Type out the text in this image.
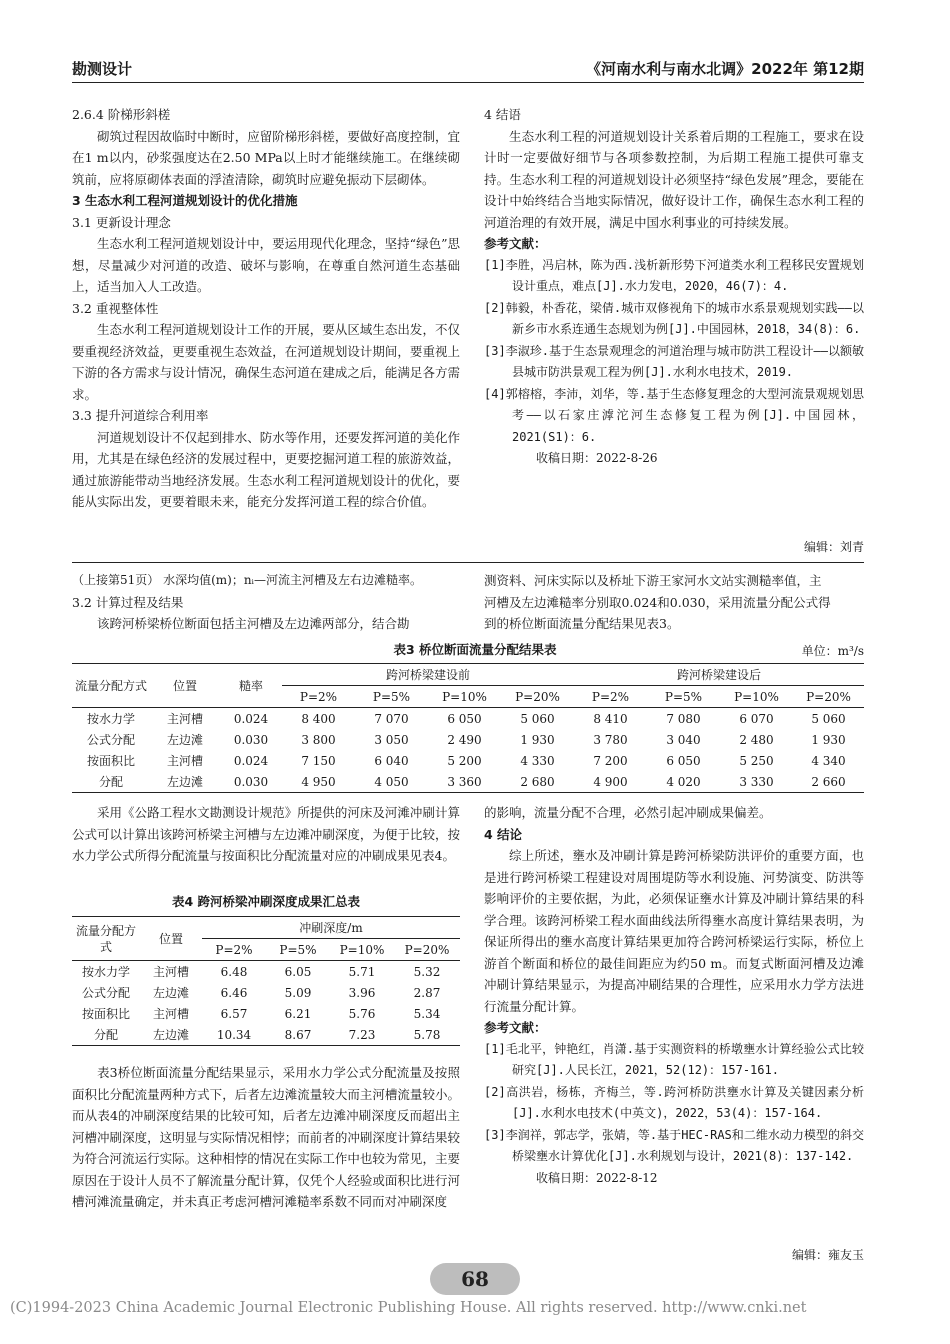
勘测设计	《河南水利与南水北调》2022年 第12期

2.6.4 阶梯形斜槎

砌筑过程因故临时中断时，应留阶梯形斜槎，要做好高度控制，宜在1 m以内，砂浆强度达在2.50 MPa以上时才能继续施工。在继续砌筑前，应将原砌体表面的浮渣清除，砌筑时应避免振动下层砌体。

3 生态水利工程河道规划设计的优化措施

3.1 更新设计理念

生态水利工程河道规划设计中，要运用现代化理念，坚持“绿色”思想，尽量减少对河道的改造、破坏与影响，在尊重自然河道生态基础上，适当加入人工改造。

3.2 重视整体性

生态水利工程河道规划设计工作的开展，要从区域生态出发，不仅要重视经济效益，更要重视生态效益，在河道规划设计期间，要重视上下游的各方需求与设计情况，确保生态河道在建成之后，能满足各方需求。

3.3 提升河道综合利用率

河道规划设计不仅起到排水、防水等作用，还要发挥河道的美化作用，尤其是在绿色经济的发展过程中，更要挖掘河道工程的旅游效益，通过旅游能带动当地经济发展。生态水利工程河道规划设计的优化，要能从实际出发，更要着眼未来，能充分发挥河道工程的综合价值。

4 结语

生态水利工程的河道规划设计关系着后期的工程施工，要求在设计时一定要做好细节与各项参数控制，为后期工程施工提供可靠支持。生态水利工程的河道规划设计必须坚持“绿色发展”理念，要能在设计中始终结合当地实际情况，做好设计工作，确保生态水利工程的河道治理的有效开展，满足中国水利事业的可持续发展。

参考文献：

[1]李胜，冯启林，陈为西.浅析新形势下河道类水利工程移民安置规划设计重点，难点[J].水力发电，2020，46(7)：4.

[2]韩毅，朴香花，梁倩.城市双修视角下的城市水系景观规划实践——以新乡市水系连通生态规划为例[J].中国园林，2018，34(8)：6.

[3]李淑珍.基于生态景观理念的河道治理与城市防洪工程设计——以额敏县城市防洪景观工程为例[J].水利水电技术，2019.

[4]郭榕榕，李沛，刘华，等.基于生态修复理念的大型河流景观规划思考——以石家庄滹沱河生态修复工程为例[J].中国园林，2021(S1)：6.

收稿日期：2022-8-26

编辑：刘青

（上接第51页） 水深均值(m)；nᵢ—河流主河槽及左右边滩糙率。

3.2 计算过程及结果

该跨河桥梁桥位断面包括主河槽及左边滩两部分，结合勘

测资料、河床实际以及桥址下游王家河水文站实测糙率值，主

河槽及左边滩糙率分别取0.024和0.030，采用流量分配公式得

到的桥位断面流量分配结果见表3。

表3 桥位断面流量分配结果表	单位：m³/s
流量分配方式	位置	糙率	跨河桥梁建设前				跨河桥梁建设后			
			P=2%	P=5%	P=10%	P=20%	P=2%	P=5%	P=10%	P=20%
按水力学	主河槽	0.024	8 400	7 070	6 050	5 060	8 410	7 080	6 070	5 060
公式分配	左边滩	0.030	3 800	3 050	2 490	1 930	3 780	3 040	2 480	1 930
按面积比	主河槽	0.024	7 150	6 040	5 200	4 330	7 200	6 050	5 250	4 340
分配	左边滩	0.030	4 950	4 050	3 360	2 680	4 900	4 020	3 330	2 660

采用《公路工程水文勘测设计规范》所提供的河床及河滩冲刷计算公式可以计算出该跨河桥梁主河槽与左边滩冲刷深度，为便于比较，按水力学公式所得分配流量与按面积比分配流量对应的冲刷成果见表4。

表4 跨河桥梁冲刷深度成果汇总表
流量分配方式	位置	冲刷深度/m			
		P=2%	P=5%	P=10%	P=20%
按水力学	主河槽	6.48	6.05	5.71	5.32
公式分配	左边滩	6.46	5.09	3.96	2.87
按面积比	主河槽	6.57	6.21	5.76	5.34
分配	左边滩	10.34	8.67	7.23	5.78

表3桥位断面流量分配结果显示，采用水力学公式分配流量及按照面积比分配流量两种方式下，后者左边滩流量较大而主河槽流量较小。而从表4的冲刷深度结果的比较可知，后者左边滩冲刷深度反而超出主河槽冲刷深度，这明显与实际情况相悖；而前者的冲刷深度计算结果较为符合河流运行实际。这种相悖的情况在实际工作中也较为常见，主要原因在于设计人员不了解流量分配计算，仅凭个人经验或面积比进行河槽河滩流量确定，并未真正考虑河槽河滩糙率系数不同而对冲刷深度

的影响，流量分配不合理，必然引起冲刷成果偏差。

4 结论

综上所述，壅水及冲刷计算是跨河桥梁防洪评价的重要方面，也是进行跨河桥梁工程建设对周围堤防等水利设施、河势演变、防洪等影响评价的主要依据，为此，必须保证壅水计算及冲刷计算结果的科学合理。该跨河桥梁工程水面曲线法所得壅水高度计算结果表明，为保证所得出的壅水高度计算结果更加符合跨河桥梁运行实际，桥位上游首个断面和桥位的最佳间距应为约50 m。而复式断面河槽及边滩冲刷计算结果显示，为提高冲刷结果的合理性，应采用水力学方法进行流量分配计算。

参考文献：

[1]毛北平，钟艳红，肖潇.基于实测资料的桥墩壅水计算经验公式比较研究[J].人民长江，2021，52(12)：157-161.

[2]高洪岩，杨栋，齐梅兰，等.跨河桥防洪壅水计算及关键因素分析[J].水利水电技术(中英文)，2022，53(4)：157-164.

[3]李润祥，郭志学，张婧，等.基于HEC-RAS和二维水动力模型的斜交桥梁壅水计算优化[J].水利规划与设计，2021(8)：137-142.

收稿日期：2022-8-12

编辑：雍友玉
68
(C)1994-2023 China Academic Journal Electronic Publishing House. All rights reserved. http://www.cnki.net
